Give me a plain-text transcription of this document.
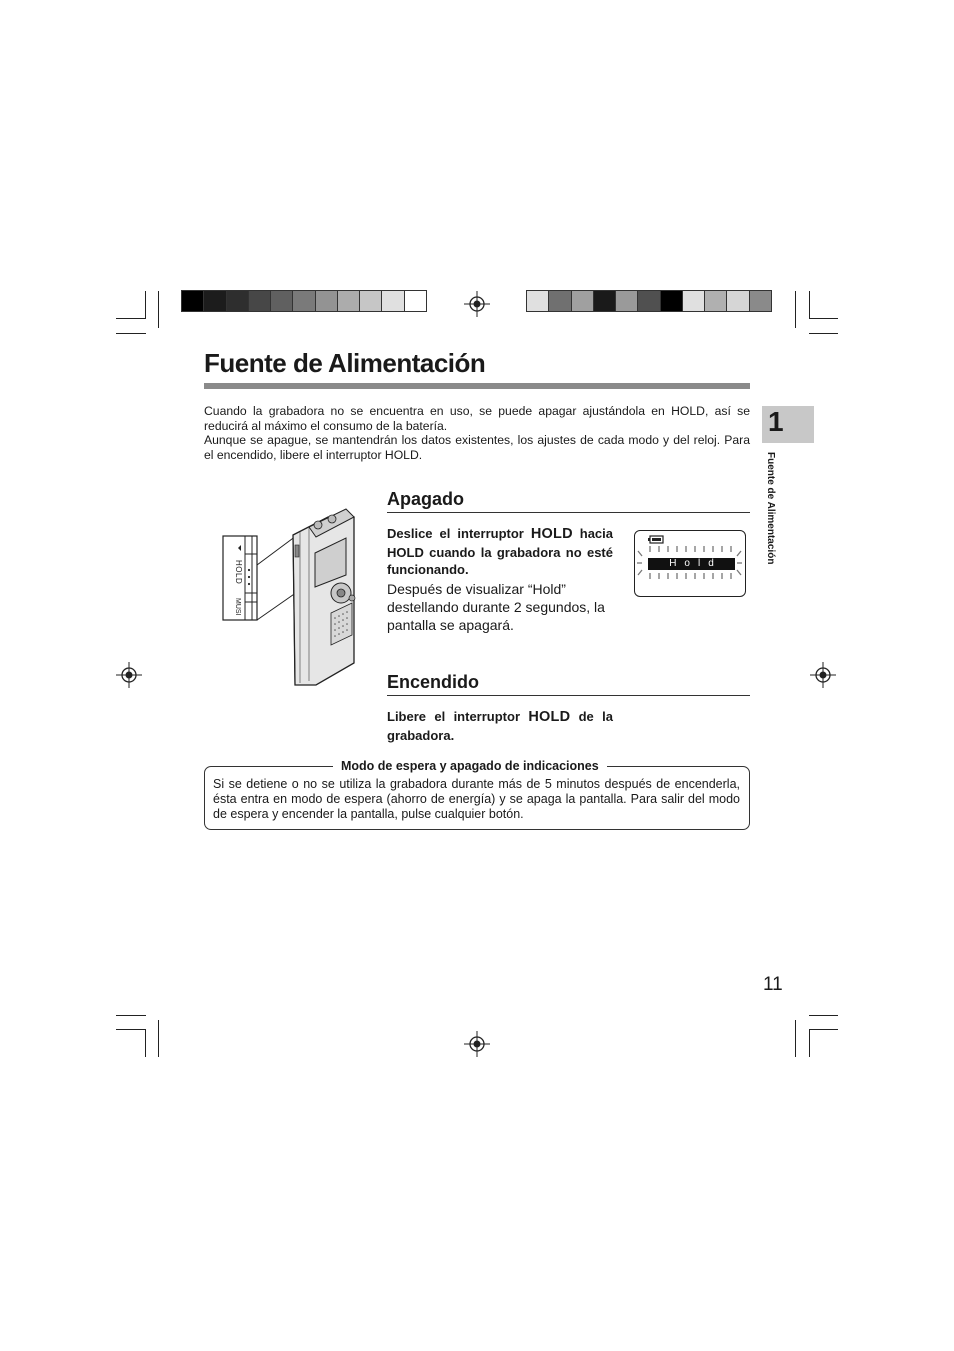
Fuente de Alimentación

Cuando la grabadora no se encuentra en uso, se puede apagar ajustándola en HOLD, así se reducirá al máximo el consumo de la batería.

Aunque se apague, se mantendrán los datos existentes, los ajustes de cada modo y del reloj. Para el encendido, libere el interruptor HOLD.

1
Fuente de Alimentación
HOLD
MUSI
Apagado
Deslice el interruptor HOLD hacia HOLD cuando la grabadora no esté funcionando.
Después de visualizar “Hold” destellando durante 2 segundos, la pantalla se apagará.
Hold
Encendido
Libere el interruptor HOLD de la grabadora.
Modo de espera y apagado de indicaciones
Si se detiene o no se utiliza la grabadora durante más de 5 minutos después de encenderla, ésta entra en modo de espera (ahorro de energía) y se apaga la pantalla. Para salir del modo de espera y encender la pantalla, pulse cualquier botón.
11
